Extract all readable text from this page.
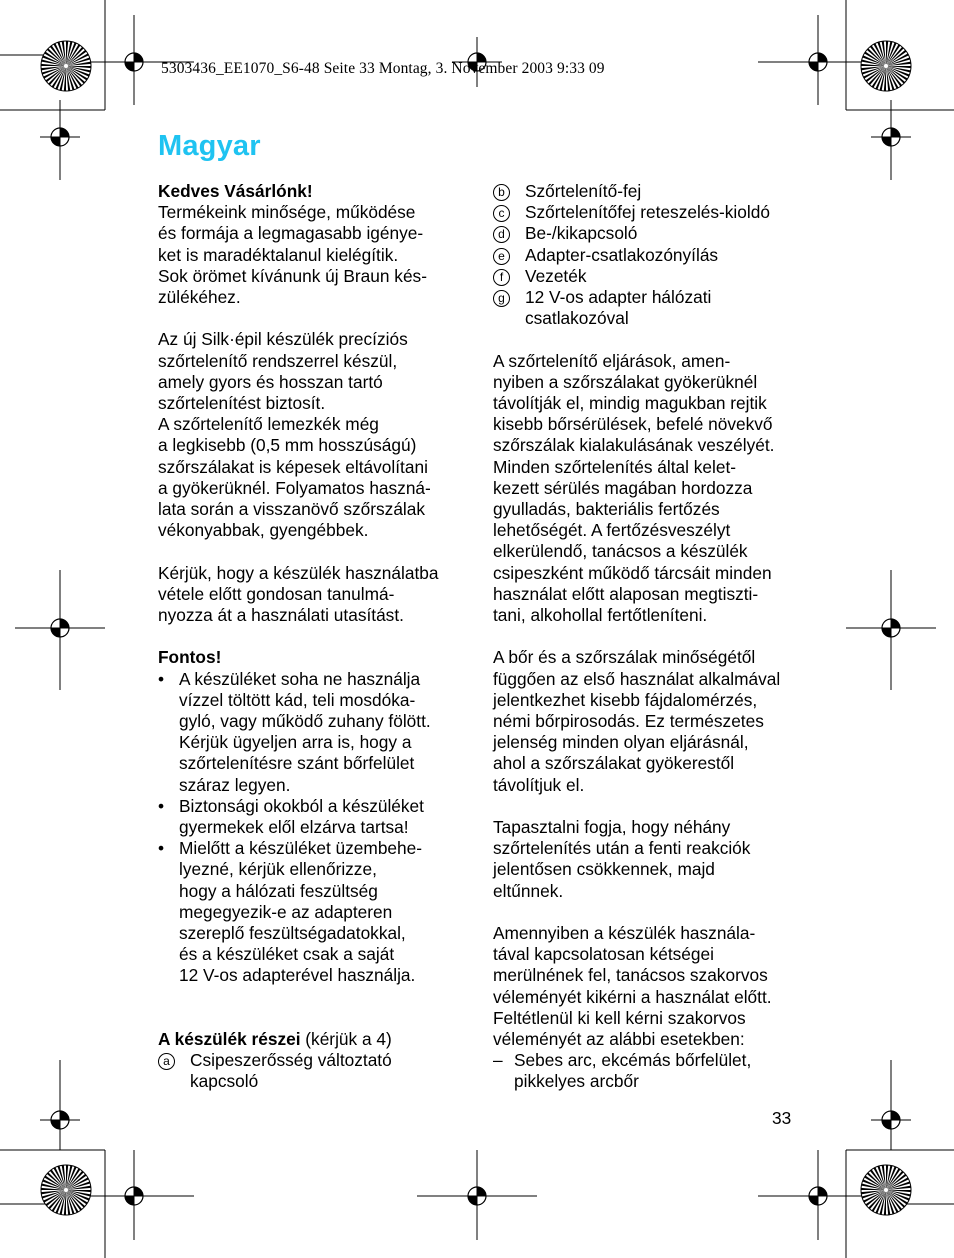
5303436_EE1070_S6-48 Seite 33 Montag, 3. November 2003 9:33 09
Magyar
Kedves Vásárlónk!
Termékeink minősége, működése
és formája a legmagasabb igénye-
ket is maradéktalanul kielégítik.
Sok örömet kívánunk új Braun kés-
zülékéhez.
Az új Silk·épil készülék precíziós
szőrtelenítő rendszerrel készül,
amely gyors és hosszan tartó
szőrtelenítést biztosít.
A szőrtelenítő lemezkék még
a legkisebb (0,5 mm hosszúságú)
szőrszálakat is képesek eltávolítani
a gyökerüknél. Folyamatos haszná-
lata során a visszanövő szőrszálak
vékonyabbak, gyengébbek.
Kérjük, hogy a készülék használatba
vétele előtt gondosan tanulmá-
nyozza át a használati utasítást.
Fontos!
• A készüléket soha ne használja
vízzel töltött kád, teli mosdóka-
gyló, vagy működő zuhany fölött.
Kérjük ügyeljen arra is, hogy a
szőrtelenítésre szánt bőrfelület
száraz legyen.
• Biztonsági okokból a készüléket
gyermekek elől elzárva tartsa!
• Mielőtt a készüléket üzembehe-
lyezné, kérjük ellenőrizze,
hogy a hálózati feszültség
megegyezik-e az adapteren
szereplő feszültségadatokkal,
és a készüléket csak a saját
12 V-os adapterével használja.
A készülék részei (kérjük a 4)
a	Csipeszerősség változtató
kapcsoló
b	Szőrtelenítő-fej
c	Szőrtelenítőfej reteszelés-kioldó
d	Be-/kikapcsoló
e	Adapter-csatlakozónyílás
f	Vezeték
g	12 V-os adapter hálózati
csatlakozóval
A szőrtelenítő eljárások, amen-
nyiben a szőrszálakat gyökerüknél
távolítják el, mindig magukban rejtik
kisebb bőrsérülések, befelé növekvő
szőrszálak kialakulásának veszélyét.
Minden szőrtelenítés által kelet-
kezett sérülés magában hordozza
gyulladás, bakteriális fertőzés
lehetőségét. A fertőzésveszélyt
elkerülendő, tanácsos a készülék
csipeszként működő tárcsáit minden
használat előtt alaposan megtiszti-
tani, alkohollal fertőtleníteni.
A bőr és a szőrszálak minőségétől
függően az első használat alkalmával
jelentkezhet kisebb fájdalomérzés,
némi bőrpirosodás. Ez természetes
jelenség minden olyan eljárásnál,
ahol a szőrszálakat gyökerestől
távolítjuk el.
Tapasztalni fogja, hogy néhány
szőrtelenítés után a fenti reakciók
jelentősen csökkennek, majd
eltűnnek.
Amennyiben a készülék használa-
tával kapcsolatosan kétségei
merülnének fel, tanácsos szakorvos
véleményét kikérni a használat előtt.
Feltétlenül ki kell kérni szakorvos
véleményét az alábbi esetekben:
– Sebes arc, ekcémás bőrfelület,
pikkelyes arcbőr
33
